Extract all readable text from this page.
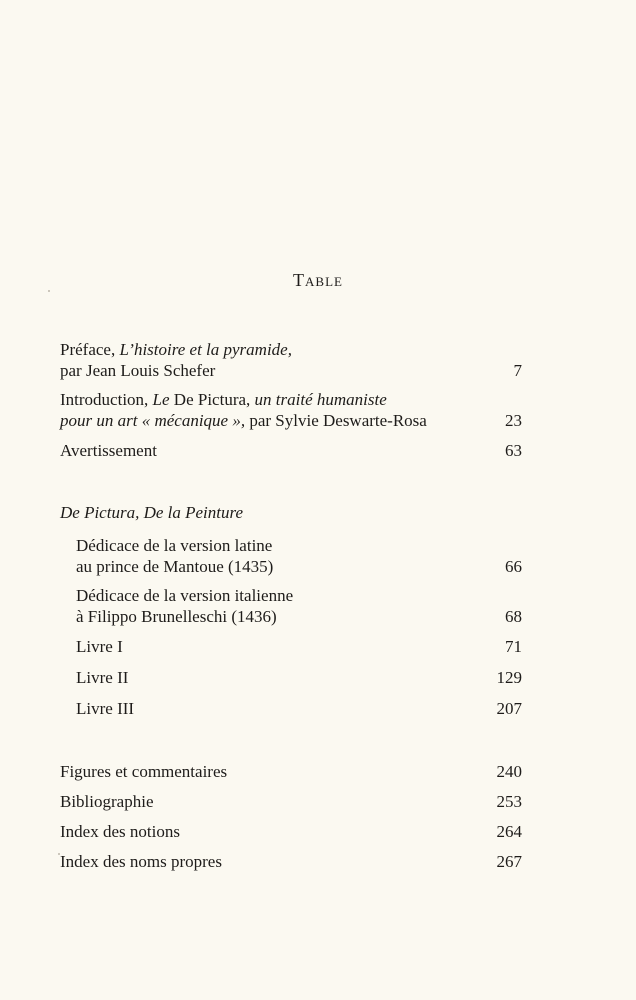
Table
Préface, L’histoire et la pyramide,
par Jean Louis Schefer	7
Introduction, Le De Pictura, un traité humaniste
pour un art « mécanique », par Sylvie Deswarte-Rosa	23
Avertissement	63
De Pictura, De la Peinture
Dédicace de la version latine
au prince de Mantoue (1435)	66
Dédicace de la version italienne
à Filippo Brunelleschi (1436)	68
Livre I	71
Livre II	129
Livre III	207
Figures et commentaires	240
Bibliographie	253
Index des notions	264
Index des noms propres	267
